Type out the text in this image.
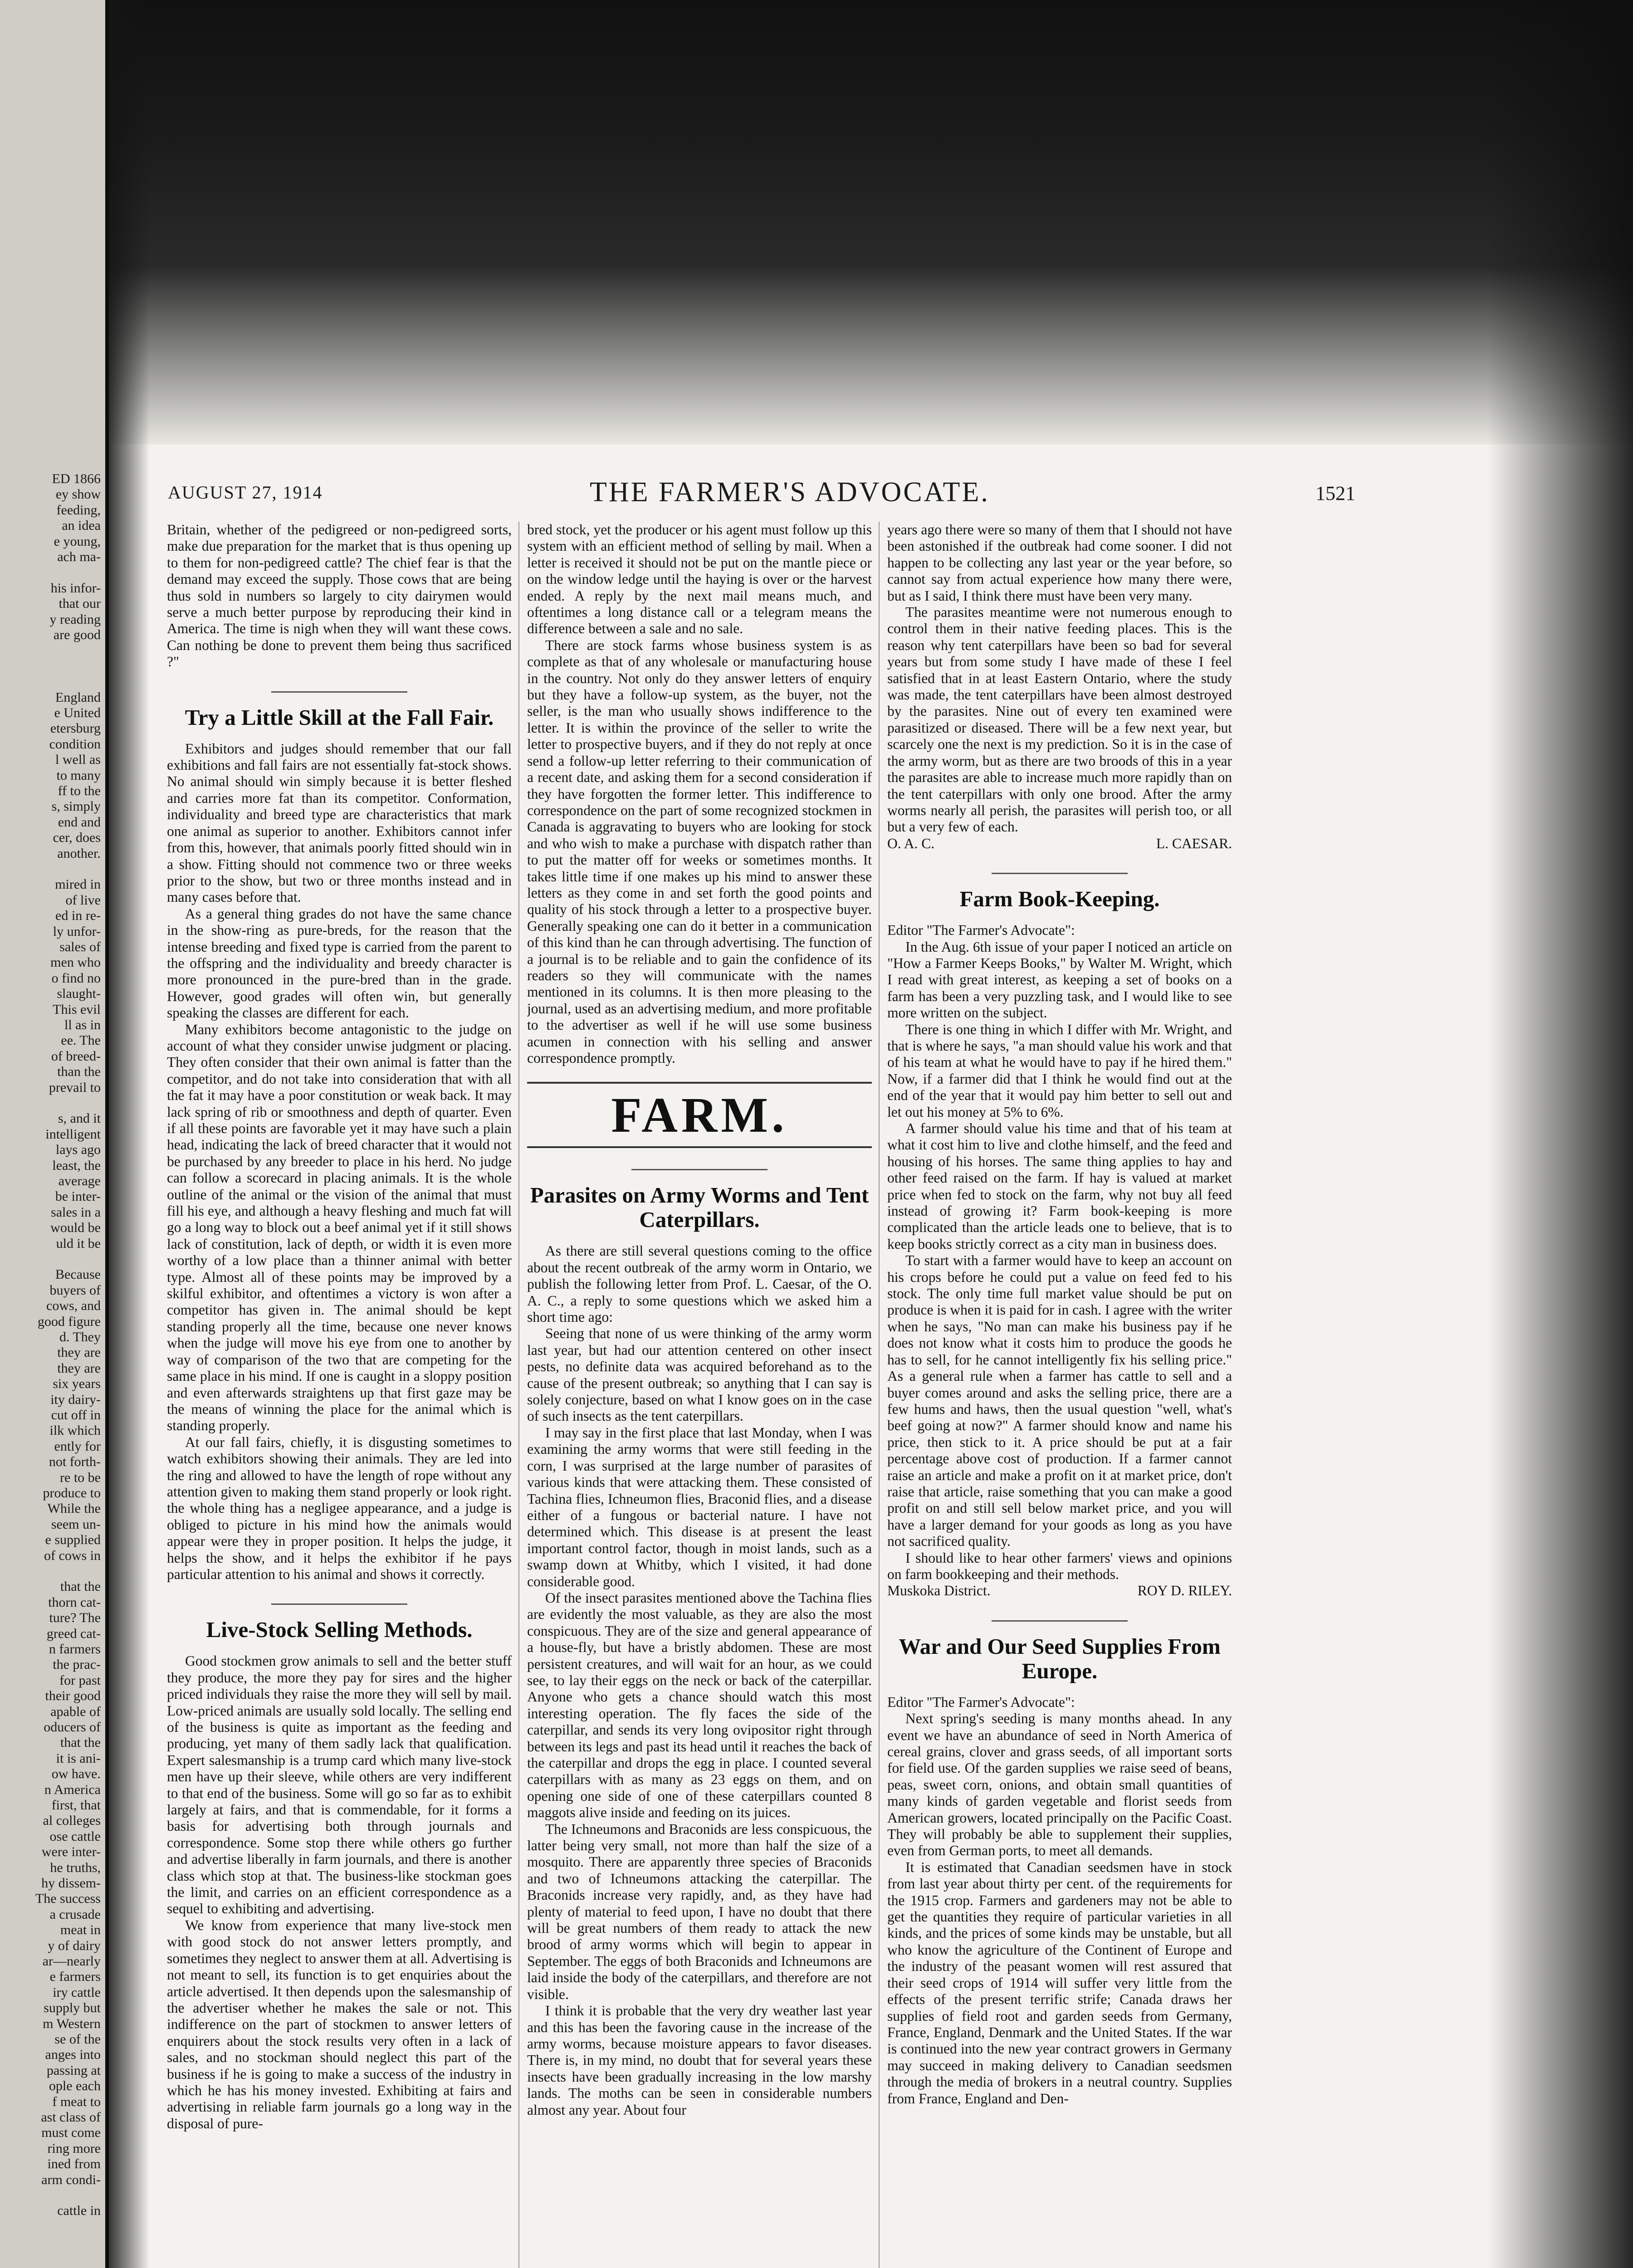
ED 1866
ey show
feeding,
an idea
e young,
ach ma-
his infor-
that our
y reading
are good
England
e United
etersburg
condition
l well as
to many
ff to the
s, simply
end and
cer, does
another.
mired in
of live
ed in re-
ly unfor-
sales of
men who
o find no
slaught-
This evil
ll as in
ee. The
of breed-
than the
prevail to
s, and it
intelligent
lays ago
least, the
average
be inter-
sales in a
would be
uld it be
Because
buyers of
cows, and
good figure
d. They
they are
they are
six years
ity dairy-
cut off in
ilk which
ently for
not forth-
re to be
produce to
While the
seem un-
e supplied
of cows in
that the
thorn cat-
ture? The
greed cat-
n farmers
the prac-
for past
their good
apable of
oducers of
that the
it is ani-
ow have.
n America
first, that
al colleges
ose cattle
were inter-
he truths,
hy dissem-
The success
a crusade
meat in
y of dairy
ar—nearly
e farmers
iry cattle
supply but
m Western
se of the
anges into
passing at
ople each
f meat to
ast class of
must come
ring more
ined from
arm condi-
cattle in
AUGUST 27, 1914	THE FARMER'S ADVOCATE.	1521

Britain, whether of the pedigreed or non-pedigreed sorts, make due preparation for the market that is thus opening up to them for non-pedigreed cattle? The chief fear is that the demand may exceed the supply. Those cows that are being thus sold in numbers so largely to city dairymen would serve a much better purpose by reproducing their kind in America. The time is nigh when they will want these cows. Can nothing be done to prevent them being thus sacrificed ?"

Try a Little Skill at the Fall Fair.

Exhibitors and judges should remember that our fall exhibitions and fall fairs are not essentially fat-stock shows. No animal should win simply because it is better fleshed and carries more fat than its competitor. Conformation, individuality and breed type are characteristics that mark one animal as superior to another. Exhibitors cannot infer from this, however, that animals poorly fitted should win in a show. Fitting should not commence two or three weeks prior to the show, but two or three months instead and in many cases before that.

As a general thing grades do not have the same chance in the show-ring as pure-breds, for the reason that the intense breeding and fixed type is carried from the parent to the offspring and the individuality and breedy character is more pronounced in the pure-bred than in the grade. However, good grades will often win, but generally speaking the classes are different for each.

Many exhibitors become antagonistic to the judge on account of what they consider unwise judgment or placing. They often consider that their own animal is fatter than the competitor, and do not take into consideration that with all the fat it may have a poor constitution or weak back. It may lack spring of rib or smoothness and depth of quarter. Even if all these points are favorable yet it may have such a plain head, indicating the lack of breed character that it would not be purchased by any breeder to place in his herd. No judge can follow a scorecard in placing animals. It is the whole outline of the animal or the vision of the animal that must fill his eye, and although a heavy fleshing and much fat will go a long way to block out a beef animal yet if it still shows lack of constitution, lack of depth, or width it is even more worthy of a low place than a thinner animal with better type. Almost all of these points may be improved by a skilful exhibitor, and oftentimes a victory is won after a competitor has given in. The animal should be kept standing properly all the time, because one never knows when the judge will move his eye from one to another by way of comparison of the two that are competing for the same place in his mind. If one is caught in a sloppy position and even afterwards straightens up that first gaze may be the means of winning the place for the animal which is standing properly.

At our fall fairs, chiefly, it is disgusting sometimes to watch exhibitors showing their animals. They are led into the ring and allowed to have the length of rope without any attention given to making them stand properly or look right. the whole thing has a negligee appearance, and a judge is obliged to picture in his mind how the animals would appear were they in proper position. It helps the judge, it helps the show, and it helps the exhibitor if he pays particular attention to his animal and shows it correctly.

Live-Stock Selling Methods.

Good stockmen grow animals to sell and the better stuff they produce, the more they pay for sires and the higher priced individuals they raise the more they will sell by mail. Low-priced animals are usually sold locally. The selling end of the business is quite as important as the feeding and producing, yet many of them sadly lack that qualification. Expert salesmanship is a trump card which many live-stock men have up their sleeve, while others are very indifferent to that end of the business. Some will go so far as to exhibit largely at fairs, and that is commendable, for it forms a basis for advertising both through journals and correspondence. Some stop there while others go further and advertise liberally in farm journals, and there is another class which stop at that. The business-like stockman goes the limit, and carries on an efficient correspondence as a sequel to exhibiting and advertising.

We know from experience that many live-stock men with good stock do not answer letters promptly, and sometimes they neglect to answer them at all. Advertising is not meant to sell, its function is to get enquiries about the article advertised. It then depends upon the salesmanship of the advertiser whether he makes the sale or not. This indifference on the part of stockmen to answer letters of enquirers about the stock results very often in a lack of sales, and no stockman should neglect this part of the business if he is going to make a success of the industry in which he has his money invested. Exhibiting at fairs and advertising in reliable farm journals go a long way in the disposal of pure-

bred stock, yet the producer or his agent must follow up this system with an efficient method of selling by mail. When a letter is received it should not be put on the mantle piece or on the window ledge until the haying is over or the harvest ended. A reply by the next mail means much, and oftentimes a long distance call or a telegram means the difference between a sale and no sale.

There are stock farms whose business system is as complete as that of any wholesale or manufacturing house in the country. Not only do they answer letters of enquiry but they have a follow-up system, as the buyer, not the seller, is the man who usually shows indifference to the letter. It is within the province of the seller to write the letter to prospective buyers, and if they do not reply at once send a follow-up letter referring to their communication of a recent date, and asking them for a second consideration if they have forgotten the former letter. This indifference to correspondence on the part of some recognized stockmen in Canada is aggravating to buyers who are looking for stock and who wish to make a purchase with dispatch rather than to put the matter off for weeks or sometimes months. It takes little time if one makes up his mind to answer these letters as they come in and set forth the good points and quality of his stock through a letter to a prospective buyer. Generally speaking one can do it better in a communication of this kind than he can through advertising. The function of a journal is to be reliable and to gain the confidence of its readers so they will communicate with the names mentioned in its columns. It is then more pleasing to the journal, used as an advertising medium, and more profitable to the advertiser as well if he will use some business acumen in connection with his selling and answer correspondence promptly.

FARM.
Parasites on Army Worms and Tent Caterpillars.

As there are still several questions coming to the office about the recent outbreak of the army worm in Ontario, we publish the following letter from Prof. L. Caesar, of the O. A. C., a reply to some questions which we asked him a short time ago:

Seeing that none of us were thinking of the army worm last year, but had our attention centered on other insect pests, no definite data was acquired beforehand as to the cause of the present outbreak; so anything that I can say is solely conjecture, based on what I know goes on in the case of such insects as the tent caterpillars.

I may say in the first place that last Monday, when I was examining the army worms that were still feeding in the corn, I was surprised at the large number of parasites of various kinds that were attacking them. These consisted of Tachina flies, Ichneumon flies, Braconid flies, and a disease either of a fungous or bacterial nature. I have not determined which. This disease is at present the least important control factor, though in moist lands, such as a swamp down at Whitby, which I visited, it had done considerable good.

Of the insect parasites mentioned above the Tachina flies are evidently the most valuable, as they are also the most conspicuous. They are of the size and general appearance of a house-fly, but have a bristly abdomen. These are most persistent creatures, and will wait for an hour, as we could see, to lay their eggs on the neck or back of the caterpillar. Anyone who gets a chance should watch this most interesting operation. The fly faces the side of the caterpillar, and sends its very long ovipositor right through between its legs and past its head until it reaches the back of the caterpillar and drops the egg in place. I counted several caterpillars with as many as 23 eggs on them, and on opening one side of one of these caterpillars counted 8 maggots alive inside and feeding on its juices.

The Ichneumons and Braconids are less conspicuous, the latter being very small, not more than half the size of a mosquito. There are apparently three species of Braconids and two of Ichneumons attacking the caterpillar. The Braconids increase very rapidly, and, as they have had plenty of material to feed upon, I have no doubt that there will be great numbers of them ready to attack the new brood of army worms which will begin to appear in September. The eggs of both Braconids and Ichneumons are laid inside the body of the caterpillars, and therefore are not visible.

I think it is probable that the very dry weather last year and this has been the favoring cause in the increase of the army worms, because moisture appears to favor diseases. There is, in my mind, no doubt that for several years these insects have been gradually increasing in the low marshy lands. The moths can be seen in considerable numbers almost any year. About four

years ago there were so many of them that I should not have been astonished if the outbreak had come sooner. I did not happen to be collecting any last year or the year before, so cannot say from actual experience how many there were, but as I said, I think there must have been very many.

The parasites meantime were not numerous enough to control them in their native feeding places. This is the reason why tent caterpillars have been so bad for several years but from some study I have made of these I feel satisfied that in at least Eastern Ontario, where the study was made, the tent caterpillars have been almost destroyed by the parasites. Nine out of every ten examined were parasitized or diseased. There will be a few next year, but scarcely one the next is my prediction. So it is in the case of the army worm, but as there are two broods of this in a year the parasites are able to increase much more rapidly than on the tent caterpillars with only one brood. After the army worms nearly all perish, the parasites will perish too, or all but a very few of each.

O. A. C.	L. CAESAR.

Farm Book-Keeping.

Editor "The Farmer's Advocate":

In the Aug. 6th issue of your paper I noticed an article on "How a Farmer Keeps Books," by Walter M. Wright, which I read with great interest, as keeping a set of books on a farm has been a very puzzling task, and I would like to see more written on the subject.

There is one thing in which I differ with Mr. Wright, and that is where he says, "a man should value his work and that of his team at what he would have to pay if he hired them." Now, if a farmer did that I think he would find out at the end of the year that it would pay him better to sell out and let out his money at 5% to 6%.

A farmer should value his time and that of his team at what it cost him to live and clothe himself, and the feed and housing of his horses. The same thing applies to hay and other feed raised on the farm. If hay is valued at market price when fed to stock on the farm, why not buy all feed instead of growing it? Farm book-keeping is more complicated than the article leads one to believe, that is to keep books strictly correct as a city man in business does.

To start with a farmer would have to keep an account on his crops before he could put a value on feed fed to his stock. The only time full market value should be put on produce is when it is paid for in cash. I agree with the writer when he says, "No man can make his business pay if he does not know what it costs him to produce the goods he has to sell, for he cannot intelligently fix his selling price." As a general rule when a farmer has cattle to sell and a buyer comes around and asks the selling price, there are a few hums and haws, then the usual question "well, what's beef going at now?" A farmer should know and name his price, then stick to it. A price should be put at a fair percentage above cost of production. If a farmer cannot raise an article and make a profit on it at market price, don't raise that article, raise something that you can make a good profit on and still sell below market price, and you will have a larger demand for your goods as long as you have not sacrificed quality.

I should like to hear other farmers' views and opinions on farm bookkeeping and their methods.

Muskoka District.	ROY D. RILEY.

War and Our Seed Supplies From Europe.

Editor "The Farmer's Advocate":

Next spring's seeding is many months ahead. In any event we have an abundance of seed in North America of cereal grains, clover and grass seeds, of all important sorts for field use. Of the garden supplies we raise seed of beans, peas, sweet corn, onions, and obtain small quantities of many kinds of garden vegetable and florist seeds from American growers, located principally on the Pacific Coast. They will probably be able to supplement their supplies, even from German ports, to meet all demands.

It is estimated that Canadian seedsmen have in stock from last year about thirty per cent. of the requirements for the 1915 crop. Farmers and gardeners may not be able to get the quantities they require of particular varieties in all kinds, and the prices of some kinds may be unstable, but all who know the agriculture of the Continent of Europe and the industry of the peasant women will rest assured that their seed crops of 1914 will suffer very little from the effects of the present terrific strife; Canada draws her supplies of field root and garden seeds from Germany, France, England, Denmark and the United States. If the war is continued into the new year contract growers in Germany may succeed in making delivery to Canadian seedsmen through the media of brokers in a neutral country. Supplies from France, England and Den-
